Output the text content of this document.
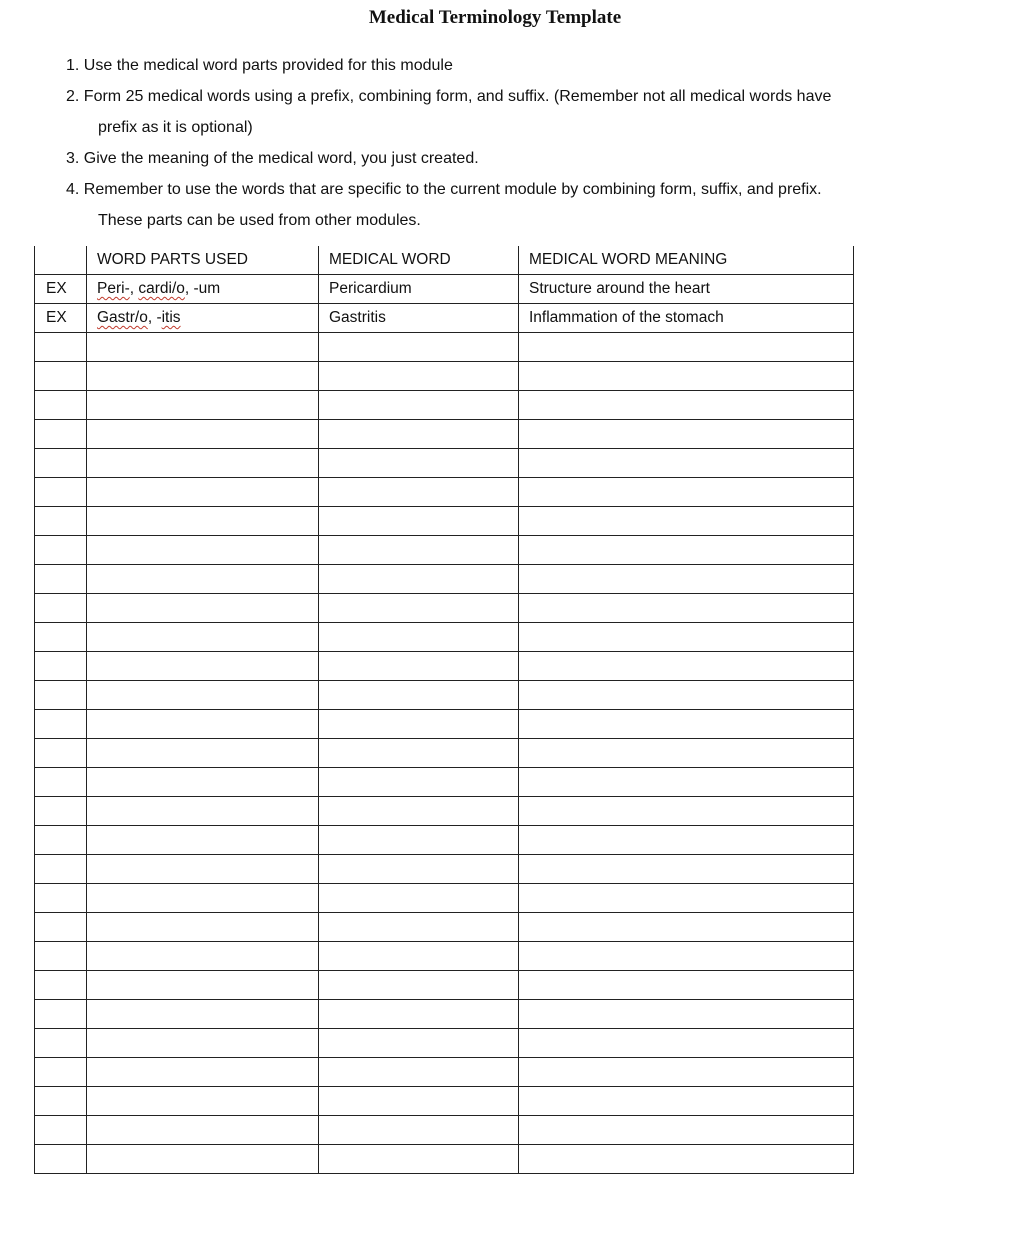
Medical Terminology Template
1. Use the medical word parts provided for this module
2. Form 25 medical words using a prefix, combining form, and suffix. (Remember not all medical words have
prefix as it is optional)
3. Give the meaning of the medical word, you just created.
4. Remember to use the words that are specific to the current module by combining form, suffix, and prefix.
These parts can be used from other modules.
	WORD PARTS USED	MEDICAL WORD	MEDICAL WORD MEANING
EX	Peri-, cardi/o, -um	Pericardium	Structure around the heart
EX	Gastr/o, -itis	Gastritis	Inflammation of the stomach
